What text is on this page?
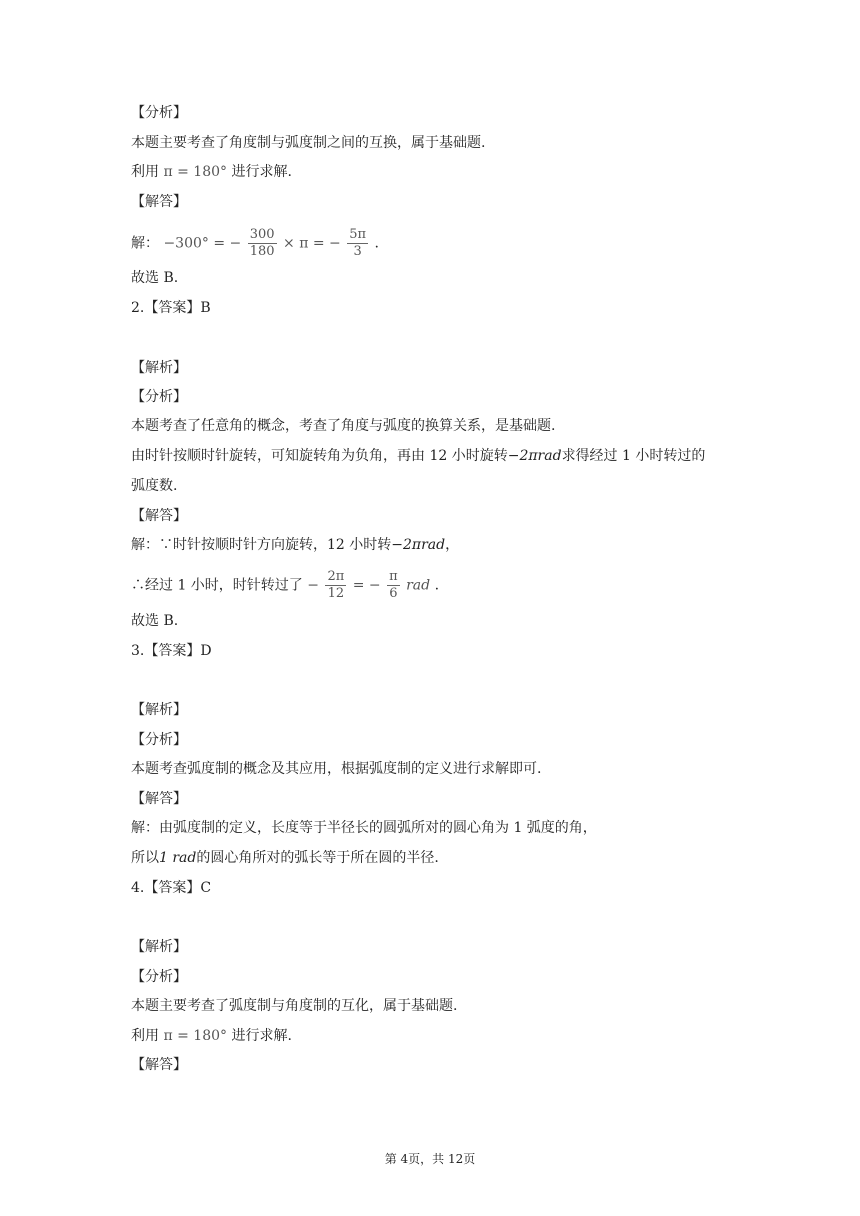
【分析】
本题主要考查了角度制与弧度制之间的互换，属于基础题.
利用 π = 180° 进行求解.
【解答】
解： −300° = − $\frac{300}{180} \times \pi$ = − $\frac{5\pi}{3}$ .
故选 B.
2.【答案】B
【解析】
【分析】
本题考查了任意角的概念，考查了角度与弧度的换算关系，是基础题.
由时针按顺时针旋转，可知旋转角为负角，再由 12 小时旋转−2πrad求得经过 1 小时转过的
弧度数.
【解答】
解：∵时针按顺时针方向旋转，12 小时转−2πrad，
∴经过 1 小时，时针转过了 − $\frac{2\pi}{12}$ = − $\frac{\pi}{6}$ rad .
故选 B.
3.【答案】D
【解析】
【分析】
本题考查弧度制的概念及其应用，根据弧度制的定义进行求解即可.
【解答】
解：由弧度制的定义，长度等于半径长的圆弧所对的圆心角为 1 弧度的角，
所以1 rad的圆心角所对的弧长等于所在圆的半径.
4.【答案】C
【解析】
【分析】
本题主要考查了弧度制与角度制的互化，属于基础题.
利用 π = 180° 进行求解.
【解答】
第 4页，共 12页
